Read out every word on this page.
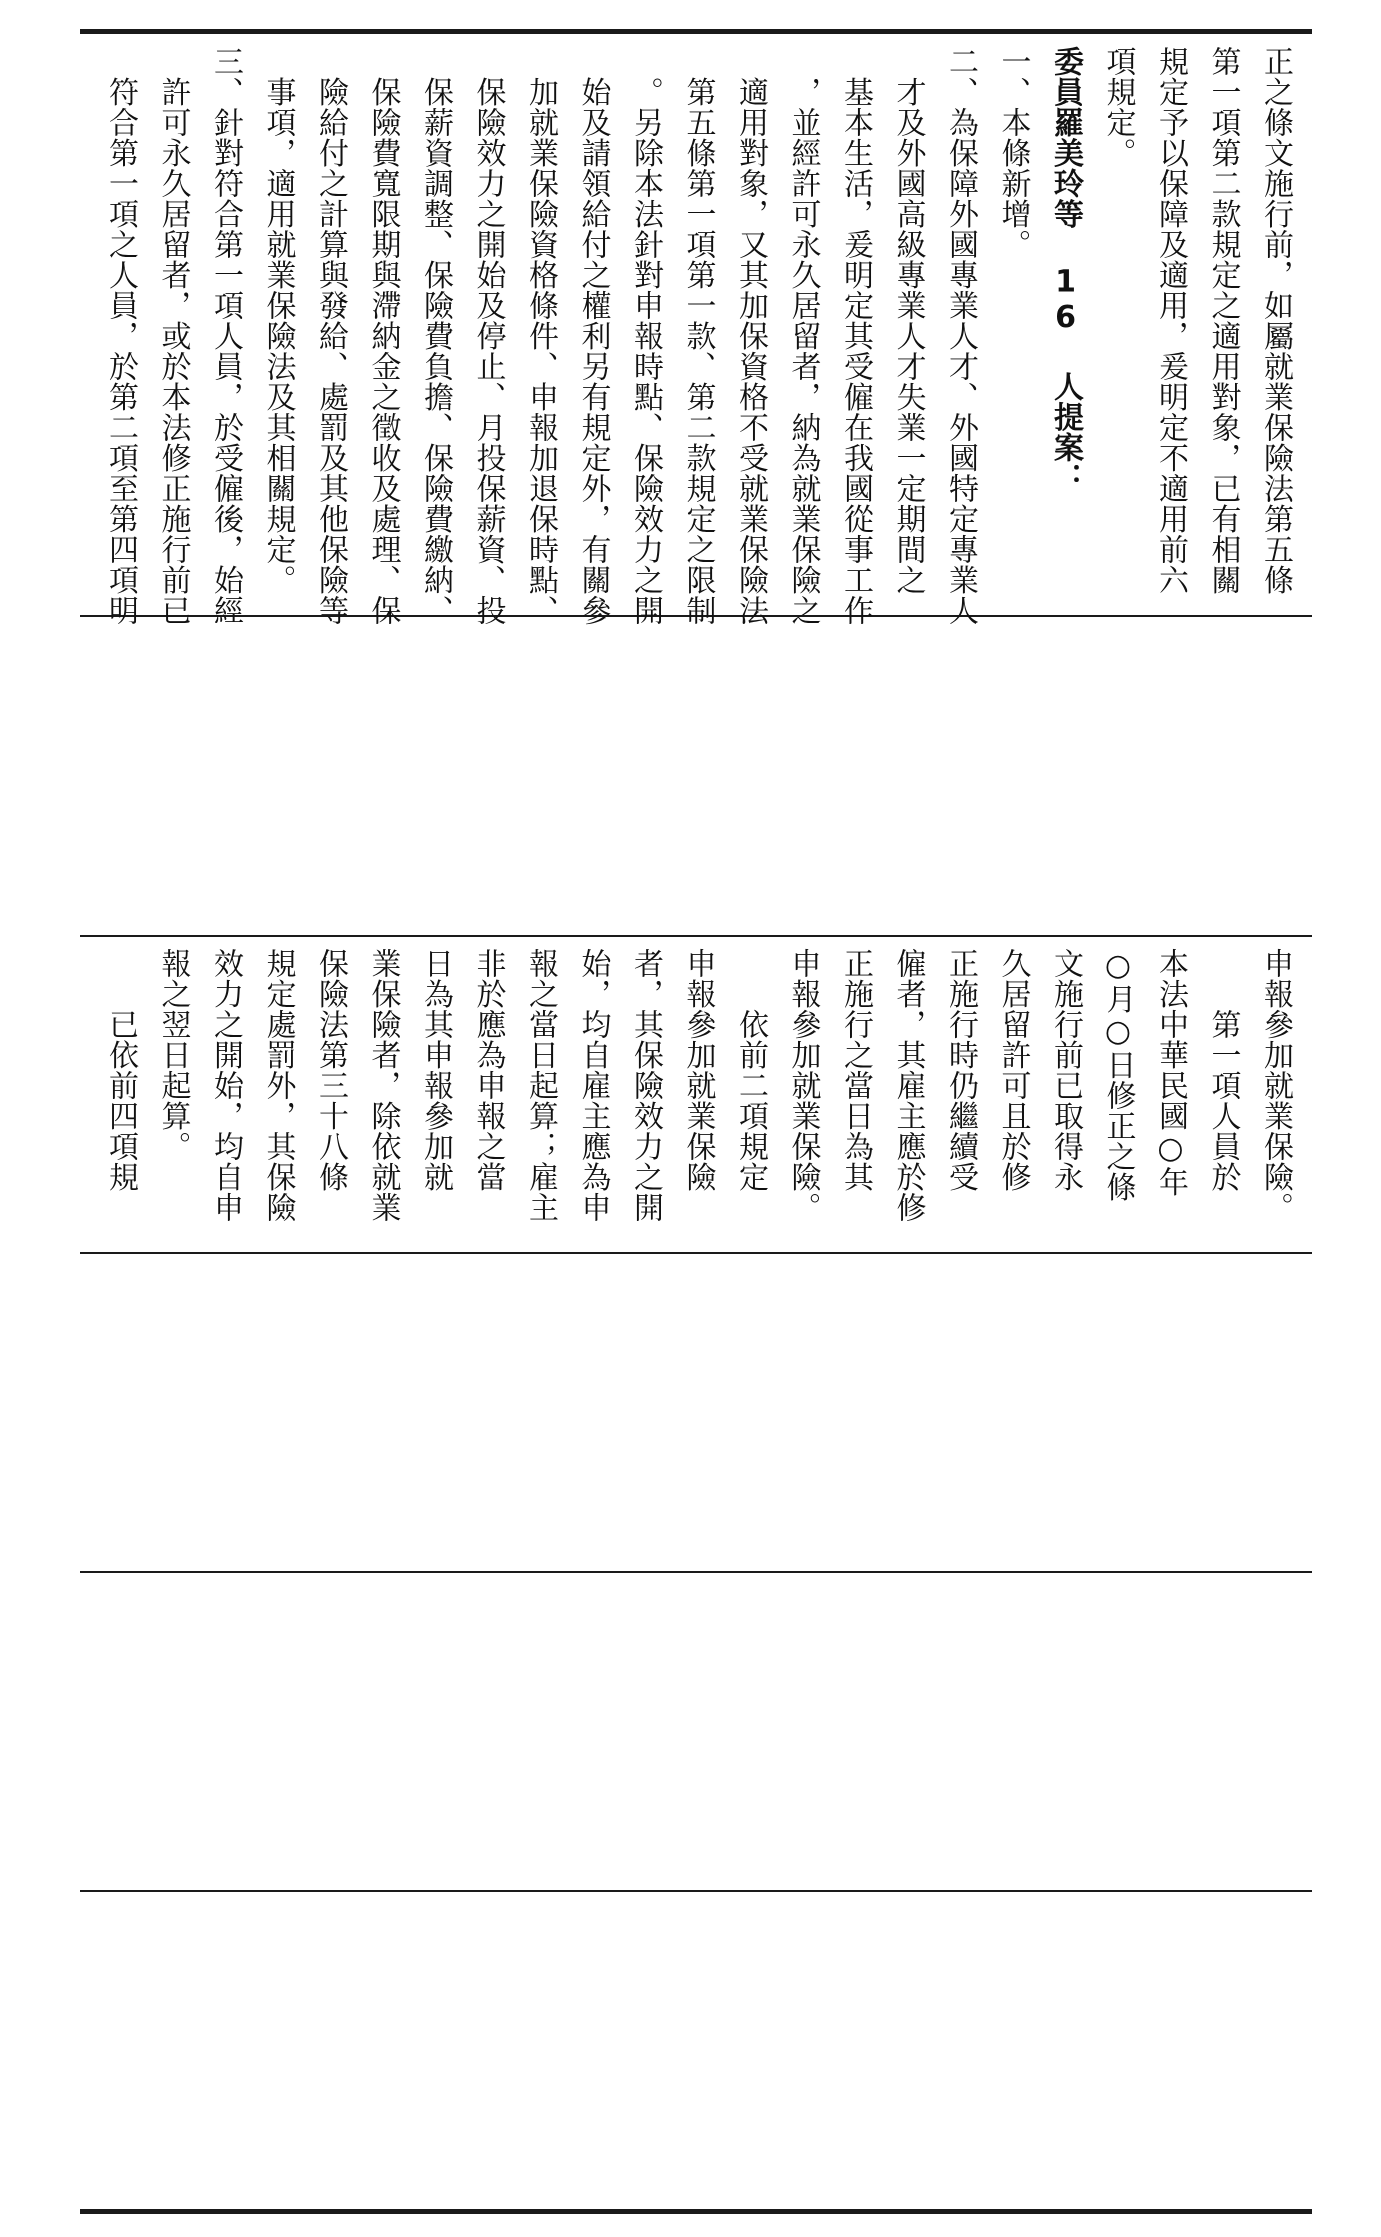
正之條文施行前，如屬就業保險法第五條
第一項第二款規定之適用對象，已有相關
規定予以保障及適用，爰明定不適用前六
項規定。
委員羅美玲等 16 人提案：
一、本條新增。
二、為保障外國專業人才、外國特定專業人
　才及外國高級專業人才失業一定期間之
　基本生活，爰明定其受僱在我國從事工作
　，並經許可永久居留者，納為就業保險之
　適用對象，又其加保資格不受就業保險法
　第五條第一項第一款、第二款規定之限制
　。另除本法針對申報時點、保險效力之開
　始及請領給付之權利另有規定外，有關參
　加就業保險資格條件、申報加退保時點、
　保險效力之開始及停止、月投保薪資、投
　保薪資調整、保險費負擔、保險費繳納、
　保險費寬限期與滯納金之徵收及處理、保
　險給付之計算與發給、處罰及其他保險等
　事項，適用就業保險法及其相關規定。
三、針對符合第一項人員，於受僱後，始經
　許可永久居留者，或於本法修正施行前已
　符合第一項之人員，於第二項至第四項明
申報參加就業保險。
　　第一項人員於
本法中華民國○年
○月○日修正之條
文施行前已取得永
久居留許可且於修
正施行時仍繼續受
僱者，其雇主應於修
正施行之當日為其
申報參加就業保險。
　　依前二項規定
申報參加就業保險
者，其保險效力之開
始，均自雇主應為申
報之當日起算；雇主
非於應為申報之當
日為其申報參加就
業保險者，除依就業
保險法第三十八條
規定處罰外，其保險
效力之開始，均自申
報之翌日起算。
　　已依前四項規
